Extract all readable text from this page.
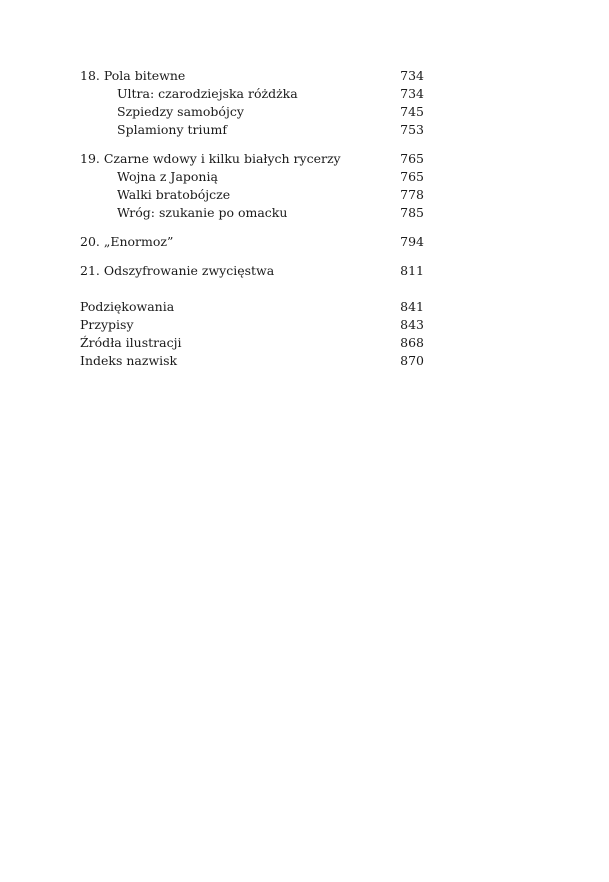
18. Pola bitewne	734
Ultra: czarodziejska różdżka	734
Szpiedzy samobójcy	745
Splamiony triumf	753
19. Czarne wdowy i kilku białych rycerzy	765
Wojna z Japonią	765
Walki bratobójcze	778
Wróg: szukanie po omacku	785
20. „Enormoz”	794
21. Odszyfrowanie zwycięstwa	811
Podziękowania	841
Przypisy	843
Źródła ilustracji	868
Indeks nazwisk	870
